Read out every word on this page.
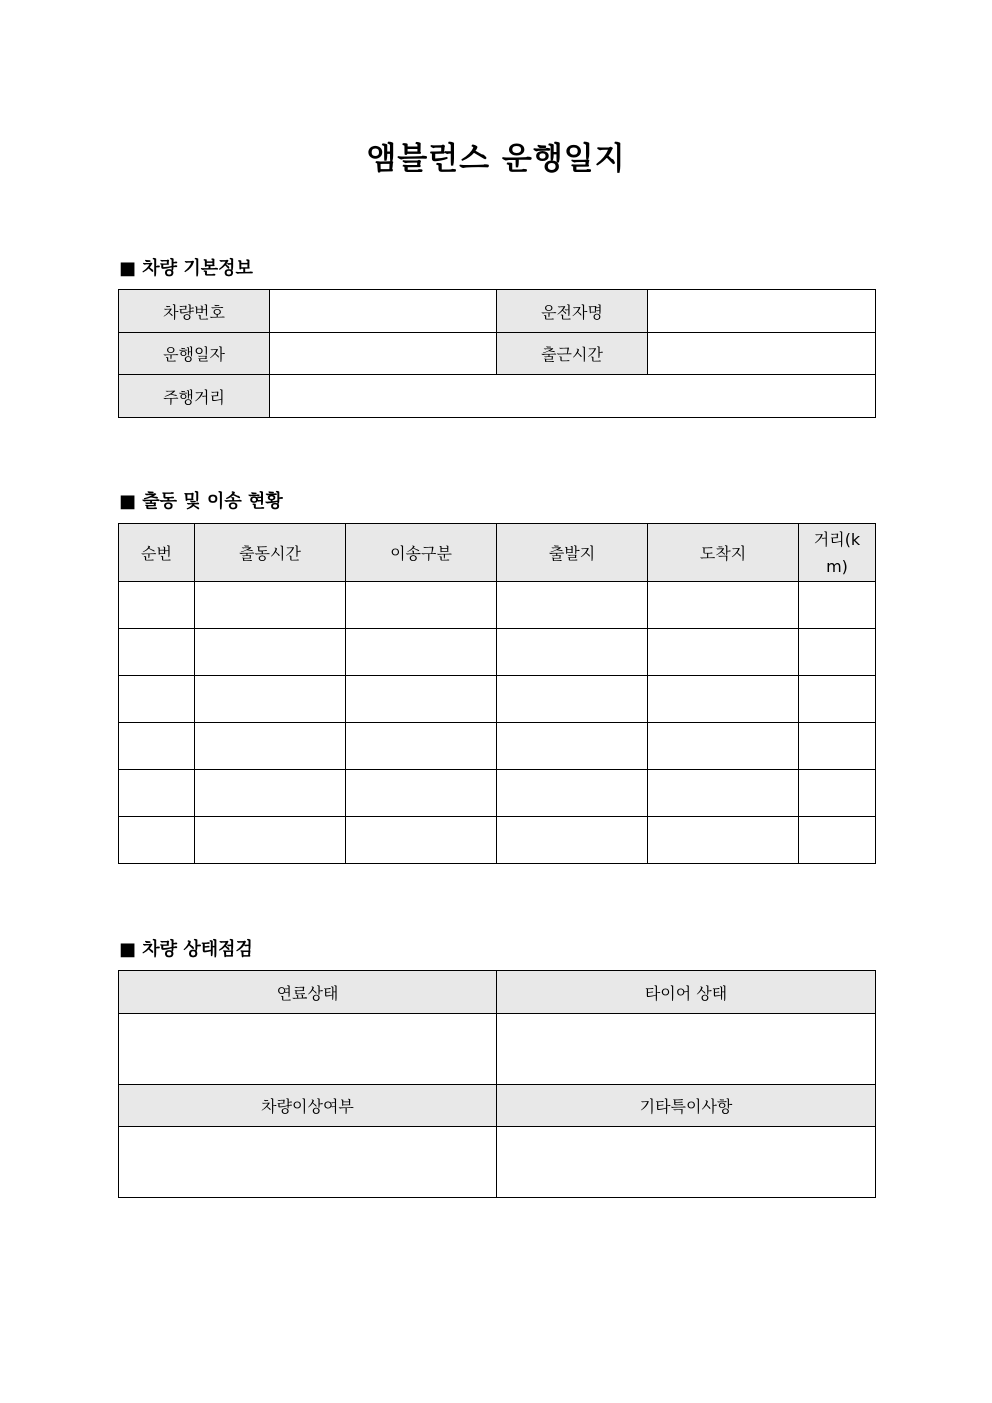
앰블런스 운행일지
■ 차량 기본정보
차량번호		운전자명	
운행일자		출근시간	
주행거리			
■ 출동 및 이송 현황
순번	출동시간	이송구분	출발지	도착지	거리(k
m)

■ 차량 상태점검
연료상태	타이어 상태

차량이상여부	기타특이사항
